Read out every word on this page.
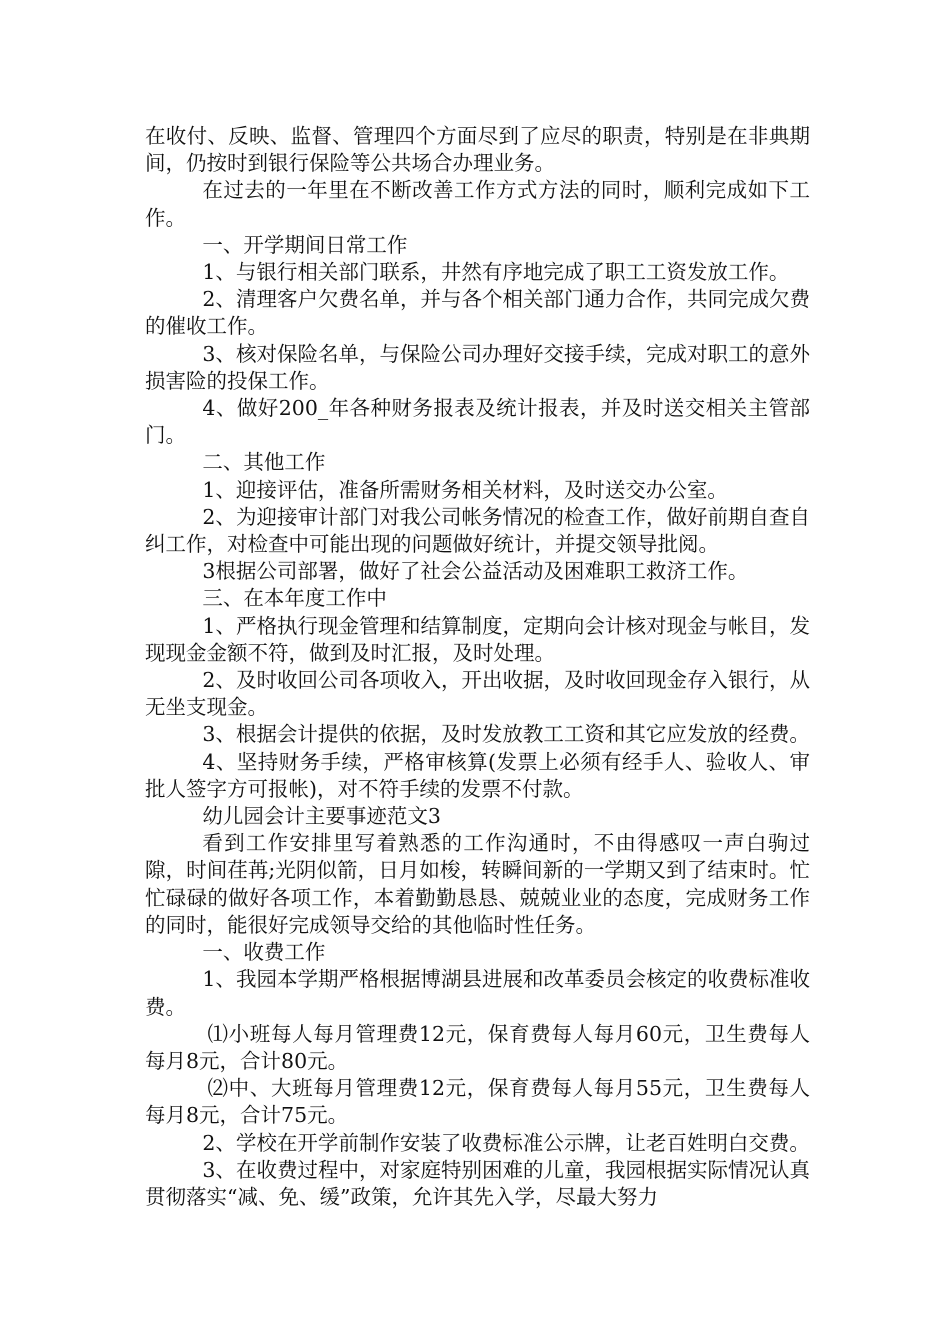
在收付、反映、监督、管理四个方面尽到了应尽的职责，特别是在非典期间，仍按时到银行保险等公共场合办理业务。

在过去的一年里在不断改善工作方式方法的同时，顺利完成如下工作。

一、开学期间日常工作

1、与银行相关部门联系，井然有序地完成了职工工资发放工作。

2、清理客户欠费名单，并与各个相关部门通力合作，共同完成欠费的催收工作。

3、核对保险名单，与保险公司办理好交接手续，完成对职工的意外损害险的投保工作。

4、做好200_年各种财务报表及统计报表，并及时送交相关主管部门。

二、其他工作

1、迎接评估，准备所需财务相关材料，及时送交办公室。

2、为迎接审计部门对我公司帐务情况的检查工作，做好前期自查自纠工作，对检查中可能出现的问题做好统计，并提交领导批阅。

3根据公司部署，做好了社会公益活动及困难职工救济工作。

三、在本年度工作中

1、严格执行现金管理和结算制度，定期向会计核对现金与帐目，发现现金金额不符，做到及时汇报，及时处理。

2、及时收回公司各项收入，开出收据，及时收回现金存入银行，从无坐支现金。

3、根据会计提供的依据，及时发放教工工资和其它应发放的经费。

4、坚持财务手续，严格审核算(发票上必须有经手人、验收人、审批人签字方可报帐)，对不符手续的发票不付款。

幼儿园会计主要事迹范文3

看到工作安排里写着熟悉的工作沟通时，不由得感叹一声白驹过隙，时间荏苒;光阴似箭，日月如梭，转瞬间新的一学期又到了结束时。忙忙碌碌的做好各项工作，本着勤勤恳恳、兢兢业业的态度，完成财务工作的同时，能很好完成领导交给的其他临时性任务。

一、收费工作

1、我园本学期严格根据博湖县进展和改革委员会核定的收费标准收费。

⑴小班每人每月管理费12元，保育费每人每月60元，卫生费每人每月8元，合计80元。

⑵中、大班每月管理费12元，保育费每人每月55元，卫生费每人每月8元，合计75元。

2、学校在开学前制作安装了收费标准公示牌，让老百姓明白交费。

3、在收费过程中，对家庭特别困难的儿童，我园根据实际情况认真贯彻落实“减、免、缓”政策，允许其先入学，尽最大努力
